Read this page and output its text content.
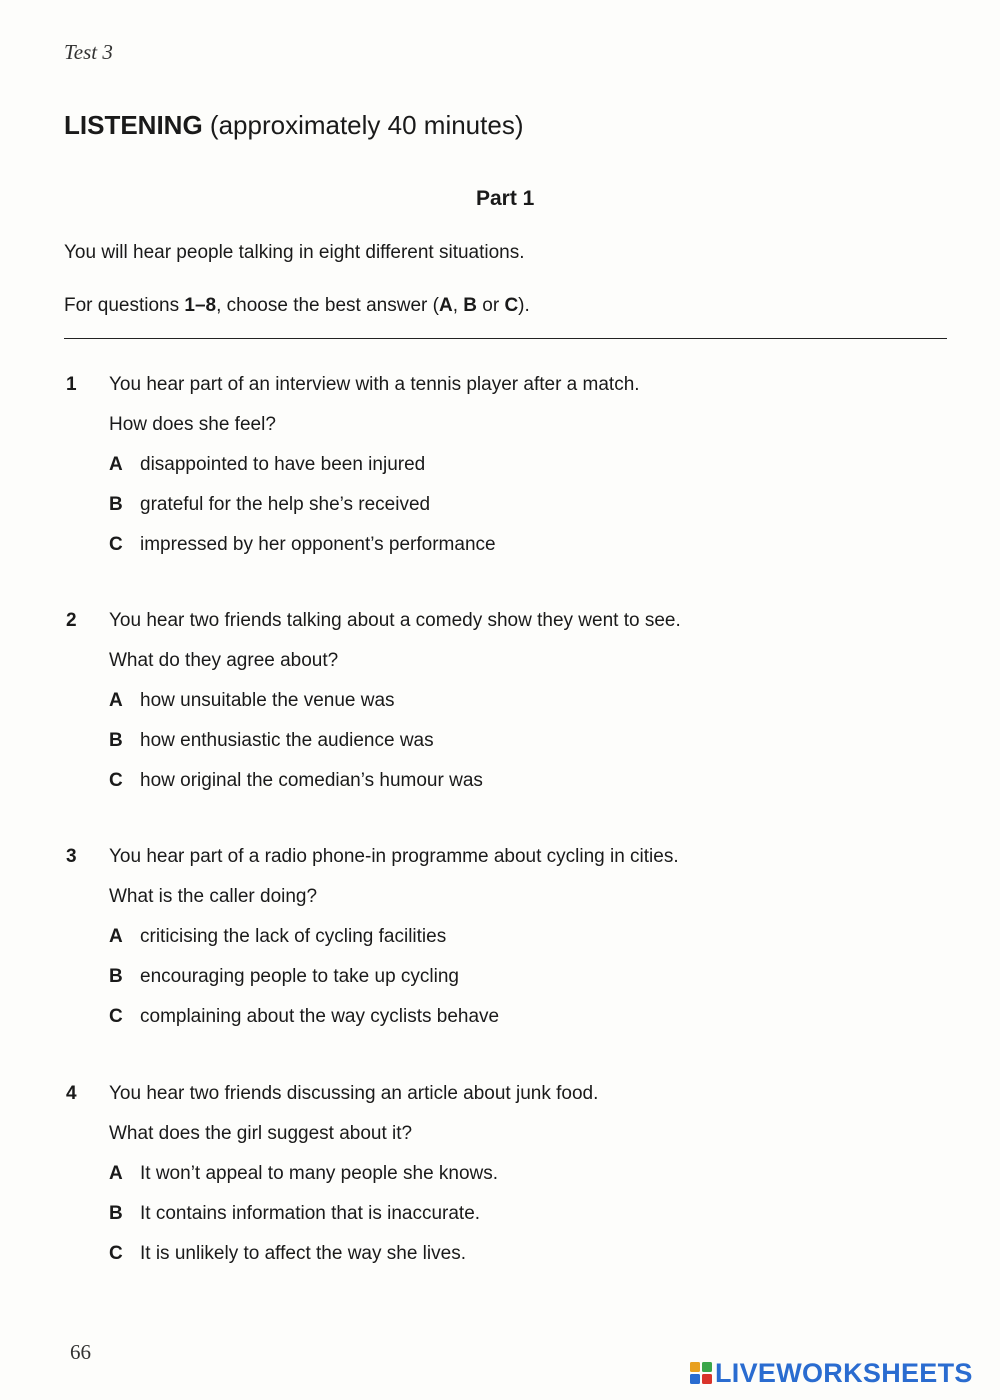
Test 3
LISTENING (approximately 40 minutes)
Part 1
You will hear people talking in eight different situations.
For questions 1–8, choose the best answer (A, B or C).
1 You hear part of an interview with a tennis player after a match.
How does she feel?
A disappointed to have been injured
B grateful for the help she’s received
C impressed by her opponent’s performance
2 You hear two friends talking about a comedy show they went to see.
What do they agree about?
A how unsuitable the venue was
B how enthusiastic the audience was
C how original the comedian’s humour was
3 You hear part of a radio phone-in programme about cycling in cities.
What is the caller doing?
A criticising the lack of cycling facilities
B encouraging people to take up cycling
C complaining about the way cyclists behave
4 You hear two friends discussing an article about junk food.
What does the girl suggest about it?
A It won’t appeal to many people she knows.
B It contains information that is inaccurate.
C It is unlikely to affect the way she lives.
66
LIVEWORKSHEETS
